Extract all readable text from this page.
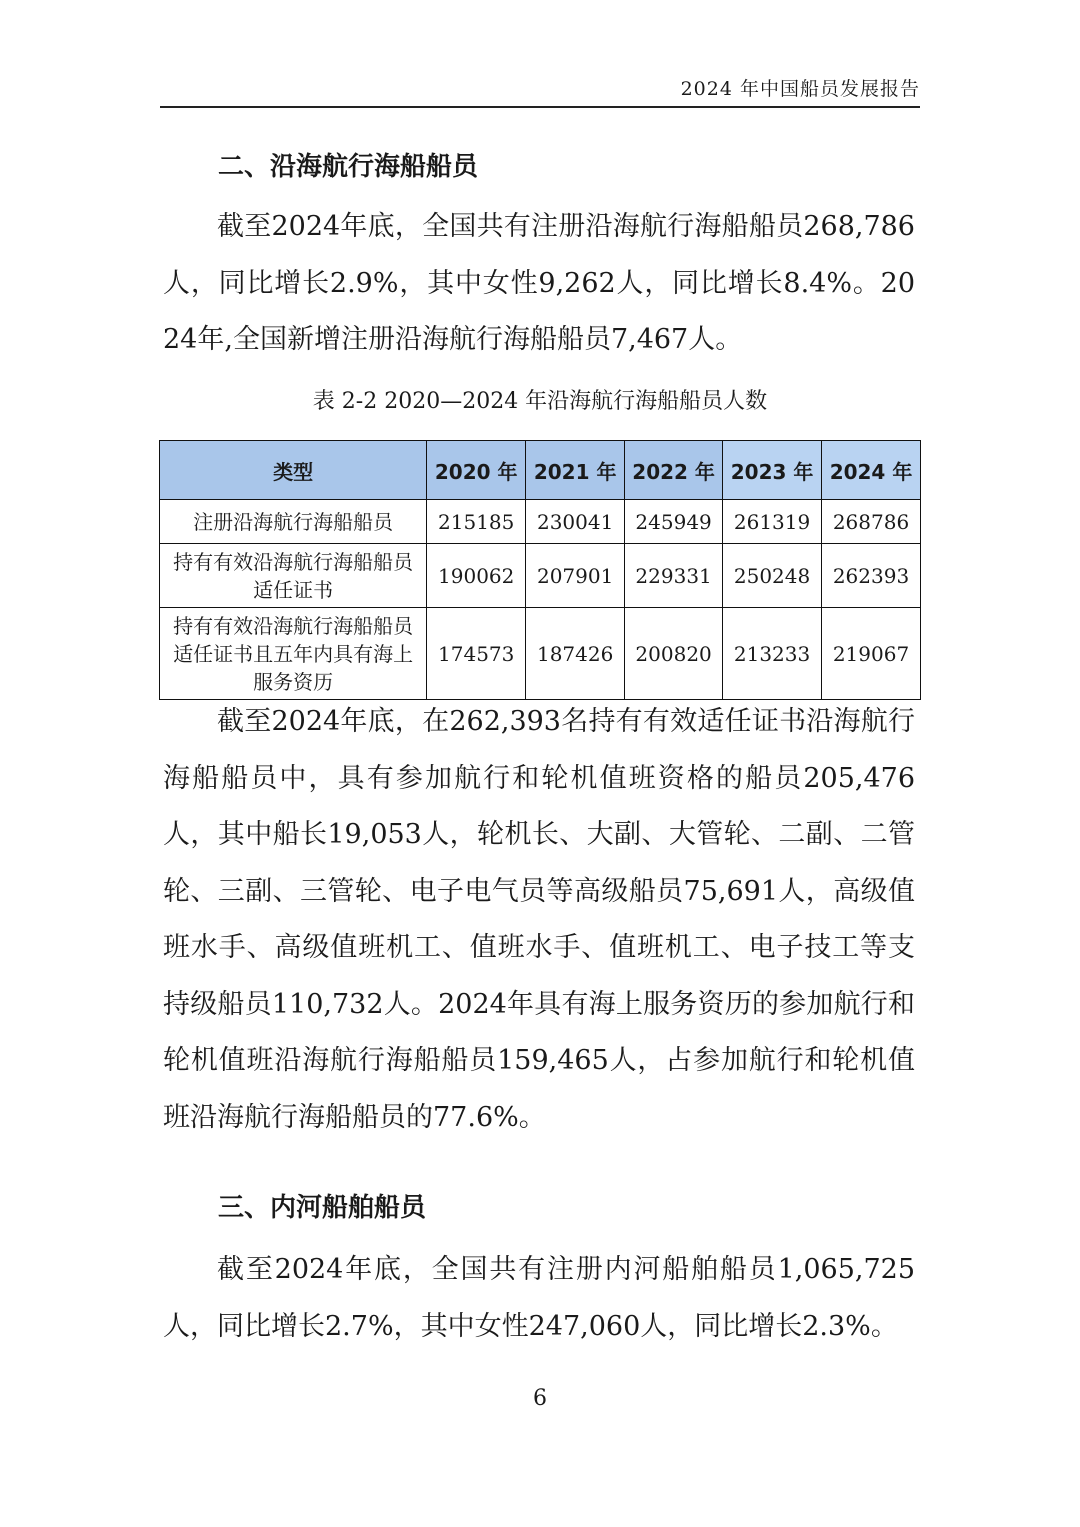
2024 年中国船员发展报告
二、沿海航行海船船员

截至2024年底，全国共有注册沿海航行海船船员268,786人，同比增长2.9%，其中女性9,262人，同比增长8.4%。2024年,全国新增注册沿海航行海船船员7,467人。

表 2-2 2020—2024 年沿海航行海船船员人数
类型	2020 年	2021 年	2022 年	2023 年	2024 年
注册沿海航行海船船员	215185	230041	245949	261319	268786
持有有效沿海航行海船船员适任证书	190062	207901	229331	250248	262393
持有有效沿海航行海船船员适任证书且五年内具有海上服务资历	174573	187426	200820	213233	219067

截至2024年底，在262,393名持有有效适任证书沿海航行海船船员中，具有参加航行和轮机值班资格的船员205,476人，其中船长19,053人，轮机长、大副、大管轮、二副、二管轮、三副、三管轮、电子电气员等高级船员75,691人，高级值班水手、高级值班机工、值班水手、值班机工、电子技工等支持级船员110,732人。2024年具有海上服务资历的参加航行和轮机值班沿海航行海船船员159,465人，占参加航行和轮机值班沿海航行海船船员的77.6%。

三、内河船舶船员

截至2024年底，全国共有注册内河船舶船员1,065,725人，同比增长2.7%，其中女性247,060人，同比增长2.3%。

6
